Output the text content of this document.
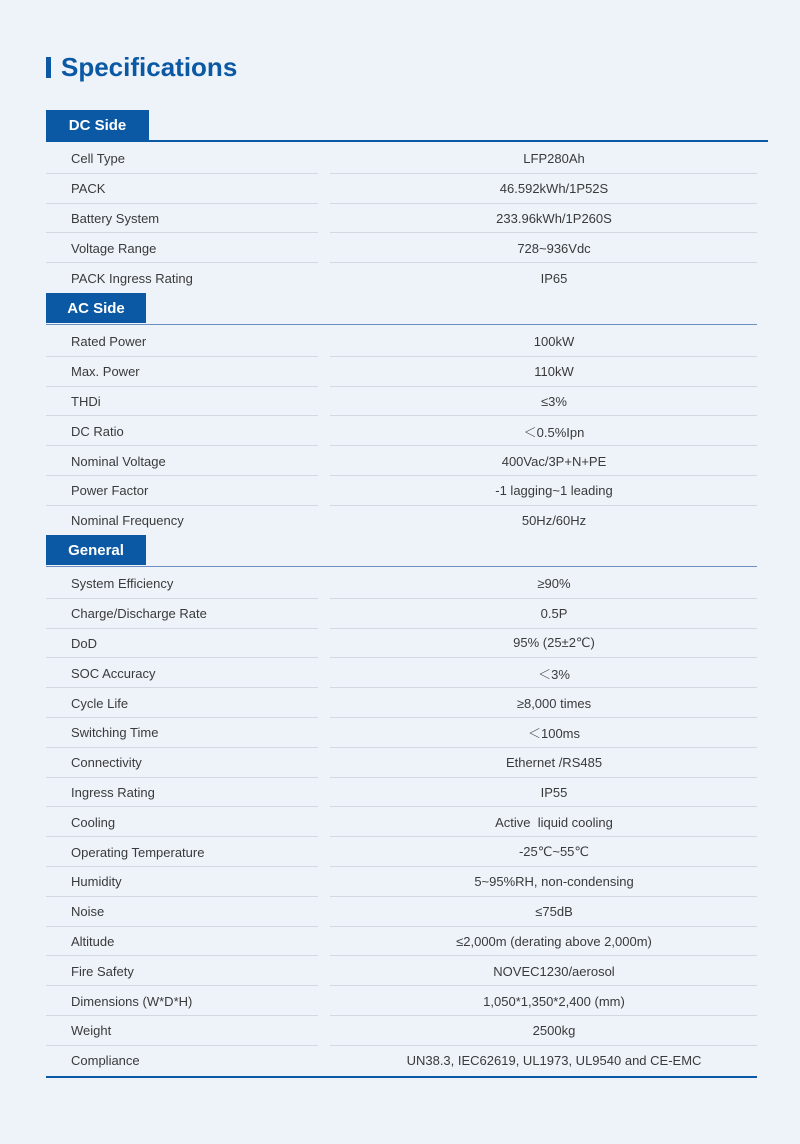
Specifications
DC Side
Cell Type	LFP280Ah
PACK	46.592kWh/1P52S
Battery System	233.96kWh/1P260S
Voltage Range	728~936Vdc
PACK Ingress Rating	IP65
AC Side
Rated Power	100kW
Max. Power	110kW
THDi	≤3%
DC Ratio	＜0.5%Ipn
Nominal Voltage	400Vac/3P+N+PE
Power Factor	-1 lagging~1 leading
Nominal Frequency	50Hz/60Hz
General
System Efficiency	≥90%
Charge/Discharge Rate	0.5P
DoD	95% (25±2℃)
SOC Accuracy	＜3%
Cycle Life	≥8,000 times
Switching Time	＜100ms
Connectivity	Ethernet /RS485
Ingress Rating	IP55
Cooling	Active  liquid cooling
Operating Temperature	-25℃~55℃
Humidity	5~95%RH, non-condensing
Noise	≤75dB
Altitude	≤2,000m (derating above 2,000m)
Fire Safety	NOVEC1230/aerosol
Dimensions (W*D*H)	1,050*1,350*2,400 (mm)
Weight	2500kg
Compliance	UN38.3, IEC62619, UL1973, UL9540 and CE-EMC
